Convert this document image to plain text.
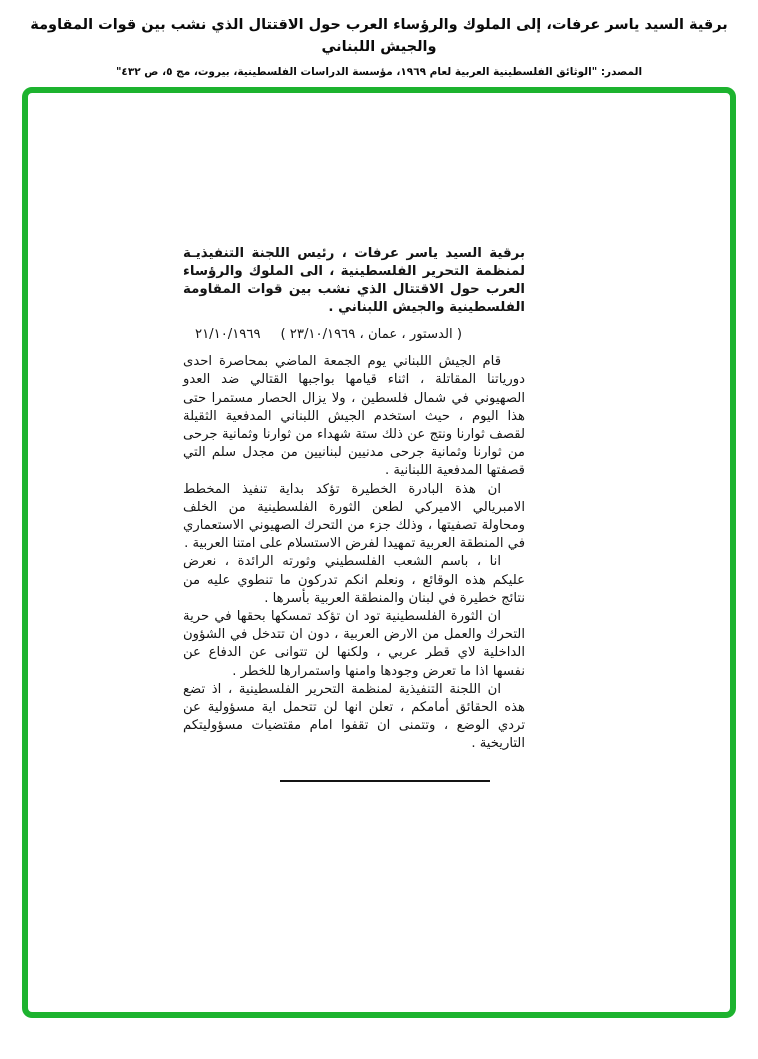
برقية السيد ياسر عرفات، إلى الملوك والرؤساء العرب حول الاقتتال الذي نشب بين قوات المقاومة والجيش اللبناني
المصدر: "الوثائق الفلسطينية العربية لعام ١٩٦٩، مؤسسة الدراسات الفلسطينية، بيروت، مج ٥، ص ٤٣٢"
برقية السيد ياسر عرفات ، رئيس اللجنة التنفيذيـة لمنظمة التحرير الفلسطينية ، الى الملوك والرؤساء العرب حول الاقتتال الذي نشب بين قوات المقاومة الفلسطينية والجيش اللبناني .
٢١/١٠/١٩٦٩ ( الدستور ، عمان ، ٢٣/١٠/١٩٦٩ )

قام الجيش اللبناني يوم الجمعة الماضي بمحاصرة احدى دورياتنا المقاتلة ، اثناء قيامها بواجبها القتالي ضد العدو الصهيوني في شمال فلسطين ، ولا يزال الحصار مستمرا حتى هذا اليوم ، حيث استخدم الجيش اللبناني المدفعية الثقيلة لقصف ثوارنا ونتج عن ذلك ستة شهداء من ثوارنا وثمانية جرحى من ثوارنا وثمانية جرحى مدنيين لبنانيين من مجدل سلم التي قصفتها المدفعية اللبنانية .

ان هذة البادرة الخطيرة تؤكد بداية تنفيذ المخطط الامبريالي الاميركي لطعن الثورة الفلسطينية من الخلف ومحاولة تصفيتها ، وذلك جزء من التحرك الصهيوني الاستعماري في المنطقة العربية تمهيدا لفرض الاستسلام على امتنا العربية .

انا ، باسم الشعب الفلسطيني وثورته الرائدة ، نعرض عليكم هذه الوقائع ، ونعلم انكم تدركون ما تنطوي عليه من نتائج خطيرة في لبنان والمنطقة العربية بأسرها .

ان الثورة الفلسطينية تود ان تؤكد تمسكها بحقها في حرية التحرك والعمل من الارض العربية ، دون ان تتدخل في الشؤون الداخلية لاي قطر عربي ، ولكنها لن تتوانى عن الدفاع عن نفسها اذا ما تعرض وجودها وامنها واستمرارها للخطر .

ان اللجنة التنفيذية لمنظمة التحرير الفلسطينية ، اذ تضع هذه الحقائق أمامكم ، تعلن انها لن تتحمل اية مسؤولية عن تردي الوضع ، وتتمنى ان تقفوا امام مقتضيات مسؤوليتكم التاريخية .
